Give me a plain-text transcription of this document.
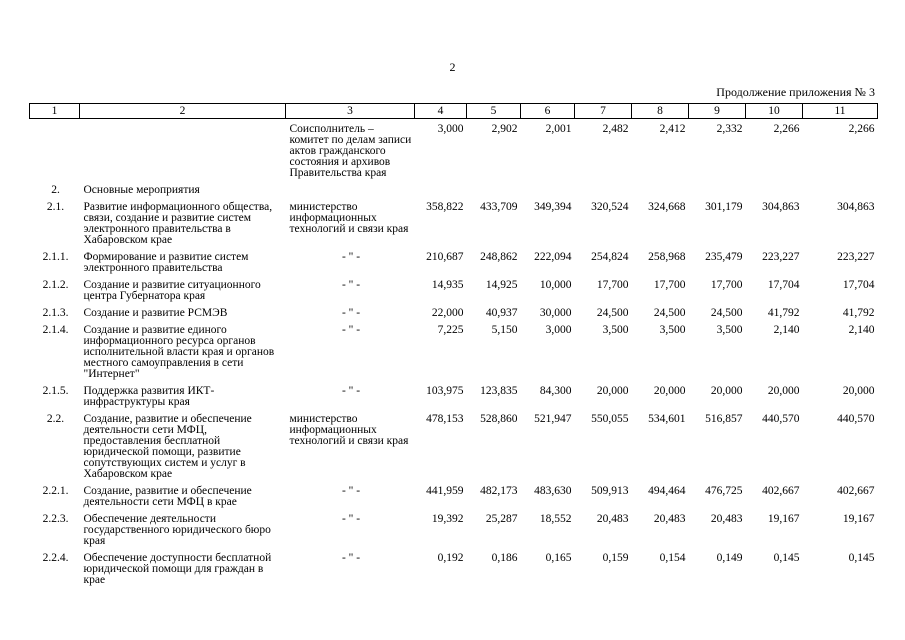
2
Продолжение приложения № 3
1	2	3	4	5	6	7	8	9	10	11
		Соисполнитель – комитет по делам записи актов гражданского состояния и архивов Правительства края	3,000	2,902	2,001	2,482	2,412	2,332	2,266	2,266
2.	Основные мероприятия									
2.1.	Развитие информационного общества, связи, создание и развитие систем электронного правительства в Хабаровском крае	министерство информационных технологий и связи края	358,822	433,709	349,394	320,524	324,668	301,179	304,863	304,863
2.1.1.	Формирование и развитие систем электронного правительства	- " -	210,687	248,862	222,094	254,824	258,968	235,479	223,227	223,227
2.1.2.	Создание и развитие ситуационного центра Губернатора края	- " -	14,935	14,925	10,000	17,700	17,700	17,700	17,704	17,704
2.1.3.	Создание и развитие РСМЭВ	- " -	22,000	40,937	30,000	24,500	24,500	24,500	41,792	41,792
2.1.4.	Создание и развитие единого информационного ресурса органов исполнительной власти края и органов местного самоуправления в сети "Интернет"	- " -	7,225	5,150	3,000	3,500	3,500	3,500	2,140	2,140
2.1.5.	Поддержка развития ИКТ-инфраструктуры края	- " -	103,975	123,835	84,300	20,000	20,000	20,000	20,000	20,000
2.2.	Создание, развитие и обеспечение деятельности сети МФЦ, предоставления бесплатной юридической помощи, развитие сопутствующих систем и услуг в Хабаровском крае	министерство информационных технологий и связи края	478,153	528,860	521,947	550,055	534,601	516,857	440,570	440,570
2.2.1.	Создание, развитие и обеспечение деятельности сети МФЦ в крае	- " -	441,959	482,173	483,630	509,913	494,464	476,725	402,667	402,667
2.2.3.	Обеспечение деятельности государственного юридического бюро края	- " -	19,392	25,287	18,552	20,483	20,483	20,483	19,167	19,167
2.2.4.	Обеспечение доступности бесплатной юридической помощи для граждан в крае	- " -	0,192	0,186	0,165	0,159	0,154	0,149	0,145	0,145
